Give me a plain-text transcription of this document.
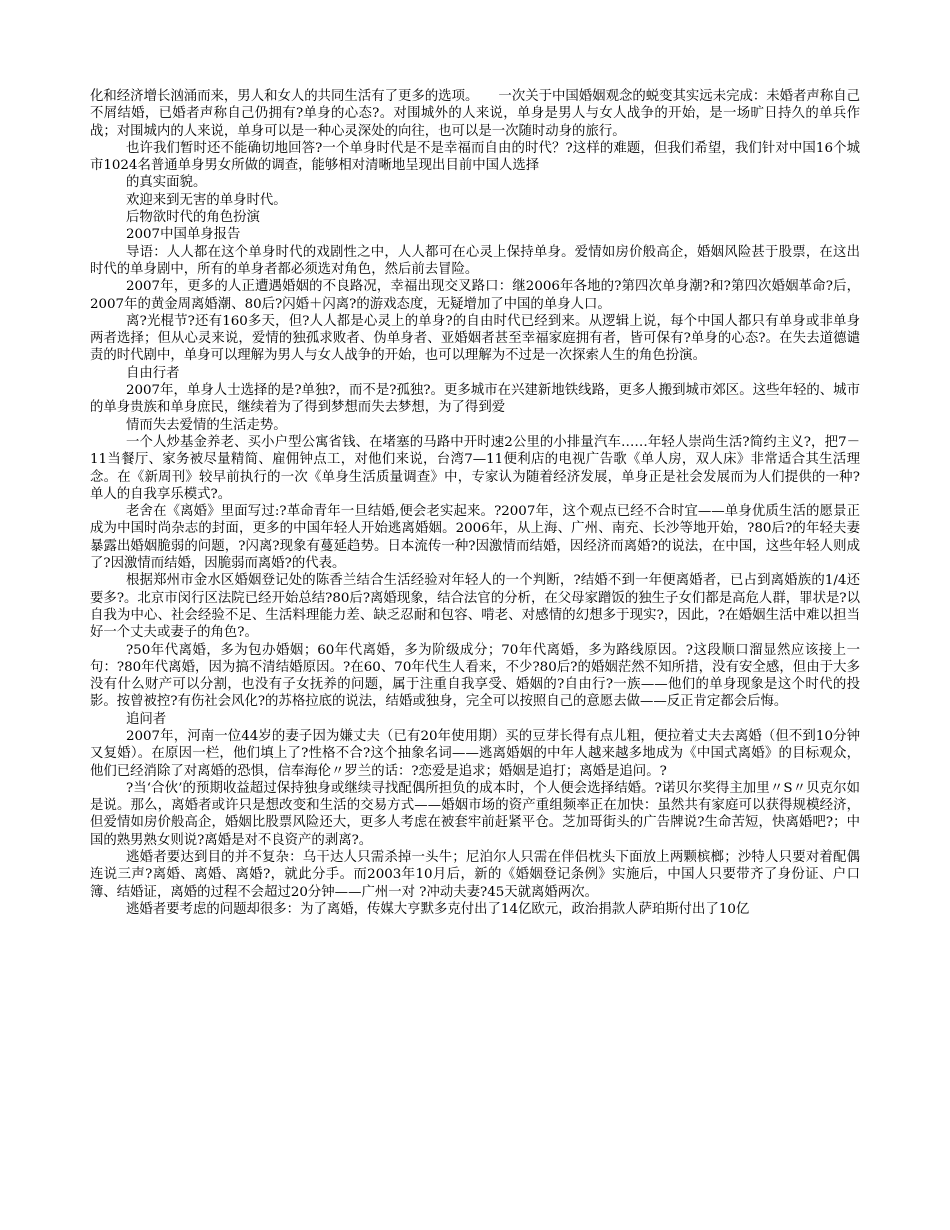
化和经济增长汹涌而来，男人和女人的共同生活有了更多的选项。　　一次关于中国婚姻观念的蜕变其实远未完成：未婚者声称自己不屑结婚，已婚者声称自己仍拥有?单身的心态?。对围城外的人来说，单身是男人与女人战争的开始，是一场旷日持久的单兵作战；对围城内的人来说，单身可以是一种心灵深处的向往，也可以是一次随时动身的旅行。

也许我们暂时还不能确切地回答?一个单身时代是不是幸福而自由的时代？?这样的难题，但我们希望，我们针对中国16个城市1024名普通单身男女所做的调查，能够相对清晰地呈现出目前中国人选择

的真实面貌。

欢迎来到无害的单身时代。

后物欲时代的角色扮演

2007中国单身报告

导语：人人都在这个单身时代的戏剧性之中，人人都可在心灵上保持单身。爱情如房价般高企，婚姻风险甚于股票，在这出时代的单身剧中，所有的单身者都必须选对角色，然后前去冒险。

2007年，更多的人正遭遇婚姻的不良路况，幸福出现交叉路口：继2006年各地的?第四次单身潮?和?第四次婚姻革命?后，2007年的黄金周离婚潮、80后?闪婚＋闪离?的游戏态度，无疑增加了中国的单身人口。

离?光棍节?还有160多天，但?人人都是心灵上的单身?的自由时代已经到来。从逻辑上说，每个中国人都只有单身或非单身两者选择；但从心灵来说，爱情的独孤求败者、伪单身者、亚婚姻者甚至幸福家庭拥有者，皆可保有?单身的心态?。在失去道德谴责的时代剧中，单身可以理解为男人与女人战争的开始，也可以理解为不过是一次探索人生的角色扮演。

自由行者

2007年，单身人士选择的是?单独?，而不是?孤独?。更多城市在兴建新地铁线路，更多人搬到城市郊区。这些年轻的、城市的单身贵族和单身庶民，继续着为了得到梦想而失去梦想，为了得到爱

情而失去爱情的生活走势。

一个人炒基金养老、买小户型公寓省钱、在堵塞的马路中开时速2公里的小排量汽车……年轻人崇尚生活?简约主义?，把7－11当餐厅、家务被尽量精简、雇佣钟点工，对他们来说，台湾7—11便利店的电视广告歌《单人房，双人床》非常适合其生活理念。在《新周刊》较早前执行的一次《单身生活质量调查》中，专家认为随着经济发展，单身正是社会发展而为人们提供的一种?单人的自我享乐模式?。

老舍在《离婚》里面写过:?革命青年一旦结婚,便会老实起来。?2007年，这个观点已经不合时宜——单身优质生活的愿景正成为中国时尚杂志的封面，更多的中国年轻人开始逃离婚姻。2006年，从上海、广州、南充、长沙等地开始，?80后?的年轻夫妻暴露出婚姻脆弱的问题，?闪离?现象有蔓延趋势。日本流传一种?因激情而结婚，因经济而离婚?的说法，在中国，这些年轻人则成了?因激情而结婚，因脆弱而离婚?的代表。

根据郑州市金水区婚姻登记处的陈香兰结合生活经验对年轻人的一个判断，?结婚不到一年便离婚者，已占到离婚族的1/4还要多?。北京市闵行区法院已经开始总结?80后?离婚现象，结合法官的分析，在父母家蹭饭的独生子女们都是高危人群，罪状是?以自我为中心、社会经验不足、生活料理能力差、缺乏忍耐和包容、啃老、对感情的幻想多于现实?，因此，?在婚姻生活中难以担当好一个丈夫或妻子的角色?。

?50年代离婚，多为包办婚姻；60年代离婚，多为阶级成分；70年代离婚，多为路线原因。?这段顺口溜显然应该接上一句：?80年代离婚，因为搞不清结婚原因。?在60、70年代生人看来，不少?80后?的婚姻茫然不知所措，没有安全感，但由于大多没有什么财产可以分割，也没有子女抚养的问题，属于注重自我享受、婚姻的?自由行?一族——他们的单身现象是这个时代的投影。按曾被控?有伤社会风化?的苏格拉底的说法，结婚或独身，完全可以按照自己的意愿去做——反正肯定都会后悔。

追问者

2007年，河南一位44岁的妻子因为嫌丈夫（已有20年使用期）买的豆芽长得有点儿粗，便拉着丈夫去离婚（但不到10分钟又复婚）。在原因一栏，他们填上了?性格不合?这个抽象名词——逃离婚姻的中年人越来越多地成为《中国式离婚》的目标观众，他们已经消除了对离婚的恐惧，信奉海伦〃罗兰的话：?恋爱是追求；婚姻是追打；离婚是追问。?

?当‘合伙’的预期收益超过保持独身或继续寻找配偶所担负的成本时，个人便会选择结婚。?诺贝尔奖得主加里〃S〃贝克尔如是说。那么，离婚者或许只是想改变和生活的交易方式——婚姻市场的资产重组频率正在加快：虽然共有家庭可以获得规模经济，但爱情如房价般高企，婚姻比股票风险还大，更多人考虑在被套牢前赶紧平仓。芝加哥街头的广告牌说?生命苦短，快离婚吧?；中国的熟男熟女则说?离婚是对不良资产的剥离?。

逃婚者要达到目的并不复杂：乌干达人只需杀掉一头牛；尼泊尔人只需在伴侣枕头下面放上两颗槟榔；沙特人只要对着配偶连说三声?离婚、离婚、离婚?，就此分手。而2003年10月后，新的《婚姻登记条例》实施后，中国人只要带齐了身份证、户口簿、结婚证，离婚的过程不会超过20分钟——广州一对 ?冲动夫妻?45天就离婚两次。

逃婚者要考虑的问题却很多：为了离婚，传媒大亨默多克付出了14亿欧元，政治捐款人萨珀斯付出了10亿
